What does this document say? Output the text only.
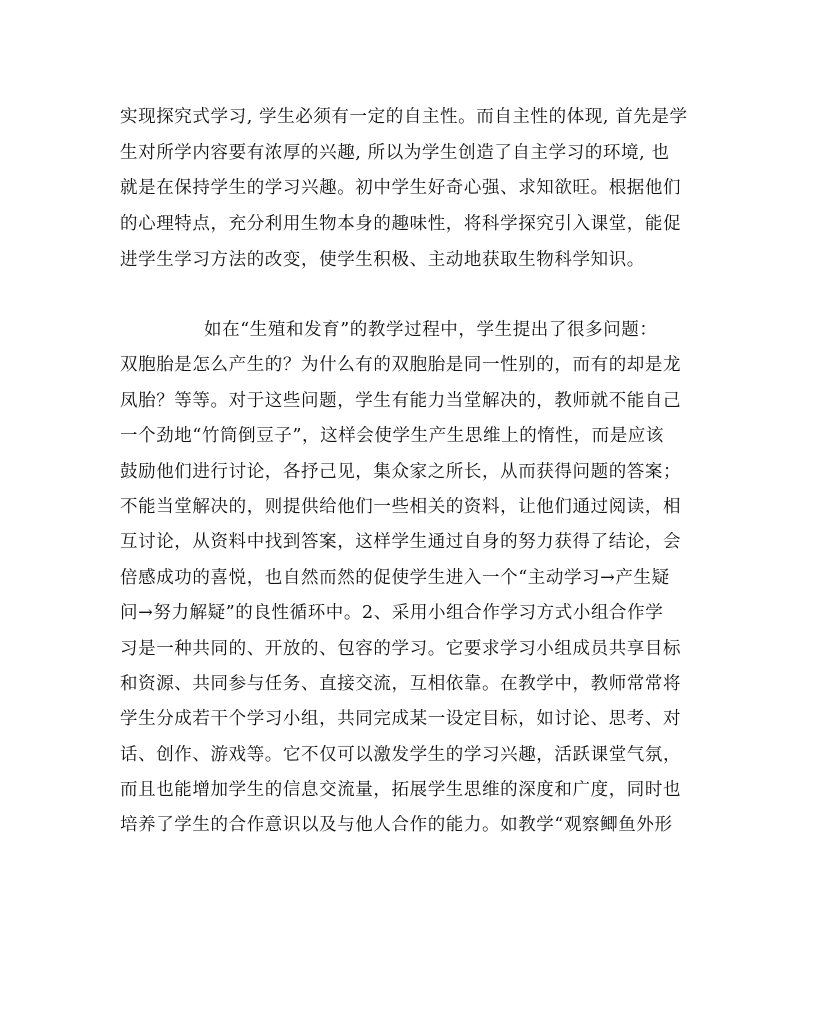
实现探究式学习, 学生必须有一定的自主性。而自主性的体现, 首先是学
生对所学内容要有浓厚的兴趣, 所以为学生创造了自主学习的环境, 也
就是在保持学生的学习兴趣。初中学生好奇心强、求知欲旺。根据他们
的心理特点，充分利用生物本身的趣味性，将科学探究引入课堂，能促
进学生学习方法的改变，使学生积极、主动地获取生物科学知识。
如在“生殖和发育”的教学过程中，学生提出了很多问题：
双胞胎是怎么产生的？为什么有的双胞胎是同一性别的，而有的却是龙
凤胎？等等。对于这些问题，学生有能力当堂解决的，教师就不能自己
一个劲地“竹筒倒豆子”，这样会使学生产生思维上的惰性，而是应该
鼓励他们进行讨论，各抒己见，集众家之所长，从而获得问题的答案；
不能当堂解决的，则提供给他们一些相关的资料，让他们通过阅读，相
互讨论，从资料中找到答案，这样学生通过自身的努力获得了结论，会
倍感成功的喜悦，也自然而然的促使学生进入一个“主动学习→产生疑
问→努力解疑”的良性循环中。2、采用小组合作学习方式小组合作学
习是一种共同的、开放的、包容的学习。它要求学习小组成员共享目标
和资源、共同参与任务、直接交流，互相依靠。在教学中，教师常常将
学生分成若干个学习小组，共同完成某一设定目标，如讨论、思考、对
话、创作、游戏等。它不仅可以激发学生的学习兴趣，活跃课堂气氛，
而且也能增加学生的信息交流量，拓展学生思维的深度和广度，同时也
培养了学生的合作意识以及与他人合作的能力。如教学“观察鲫鱼外形
